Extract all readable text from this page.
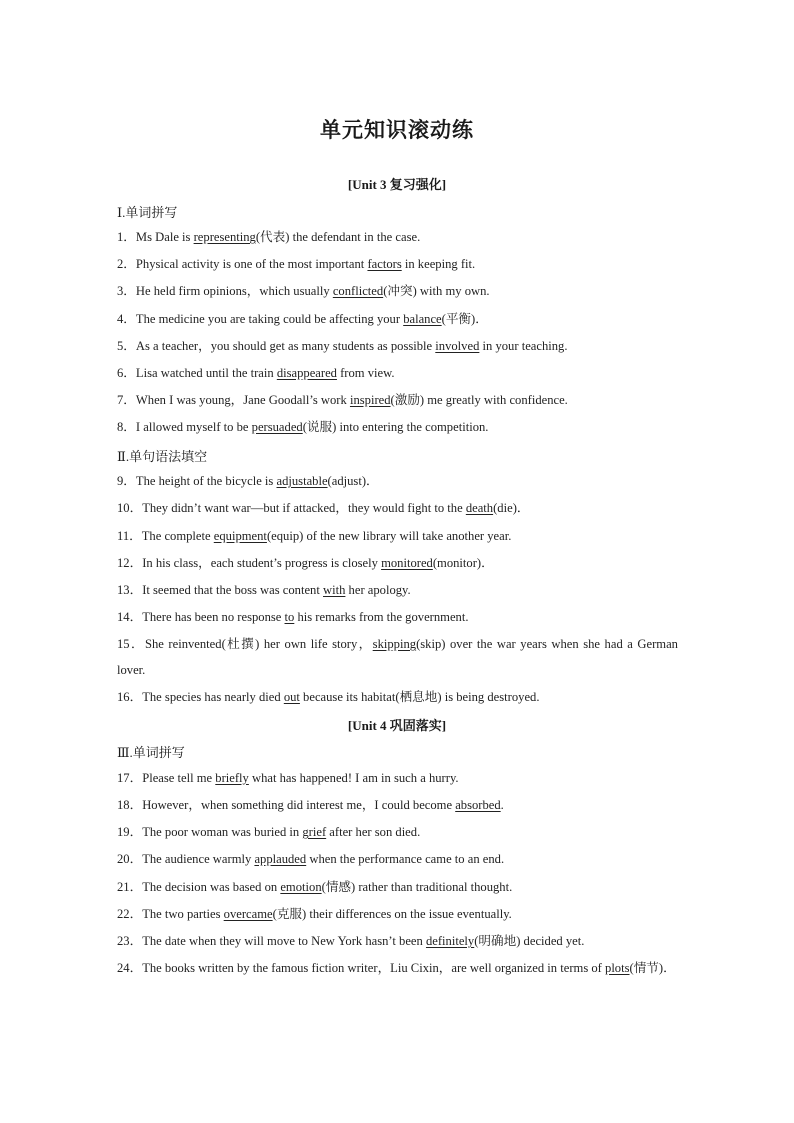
单元知识滚动练
[Unit 3 复习强化]
Ⅰ.单词拼写
1．Ms Dale is representing(代表) the defendant in the case.
2．Physical activity is one of the most important factors in keeping fit.
3．He held firm opinions，which usually conflicted(冲突) with my own.
4．The medicine you are taking could be affecting your balance(平衡)．
5．As a teacher，you should get as many students as possible involved in your teaching.
6．Lisa watched until the train disappeared from view.
7．When I was young，Jane Goodall’s work inspired(激励) me greatly with confidence.
8．I allowed myself to be persuaded(说服) into entering the competition.
Ⅱ.单句语法填空
9．The height of the bicycle is adjustable(adjust)．
10．They didn’t want war—but if attacked，they would fight to the death(die)．
11．The complete equipment(equip) of the new library will take another year.
12．In his class，each student’s progress is closely monitored(monitor)．
13．It seemed that the boss was content with her apology.
14．There has been no response to his remarks from the government.
15．She reinvented(杜撰) her own life story，skipping(skip) over the war years when she had a German lover.
16．The species has nearly died out because its habitat(栖息地) is being destroyed.
[Unit 4 巩固落实]
Ⅲ.单词拼写
17．Please tell me briefly what has happened! I am in such a hurry.
18．However，when something did interest me，I could become absorbed.
19．The poor woman was buried in grief after her son died.
20．The audience warmly applauded when the performance came to an end.
21．The decision was based on emotion(情感) rather than traditional thought.
22．The two parties overcame(克服) their differences on the issue eventually.
23．The date when they will move to New York hasn’t been definitely(明确地) decided yet.
24．The books written by the famous fiction writer，Liu Cixin，are well organized in terms of plots(情节)．
